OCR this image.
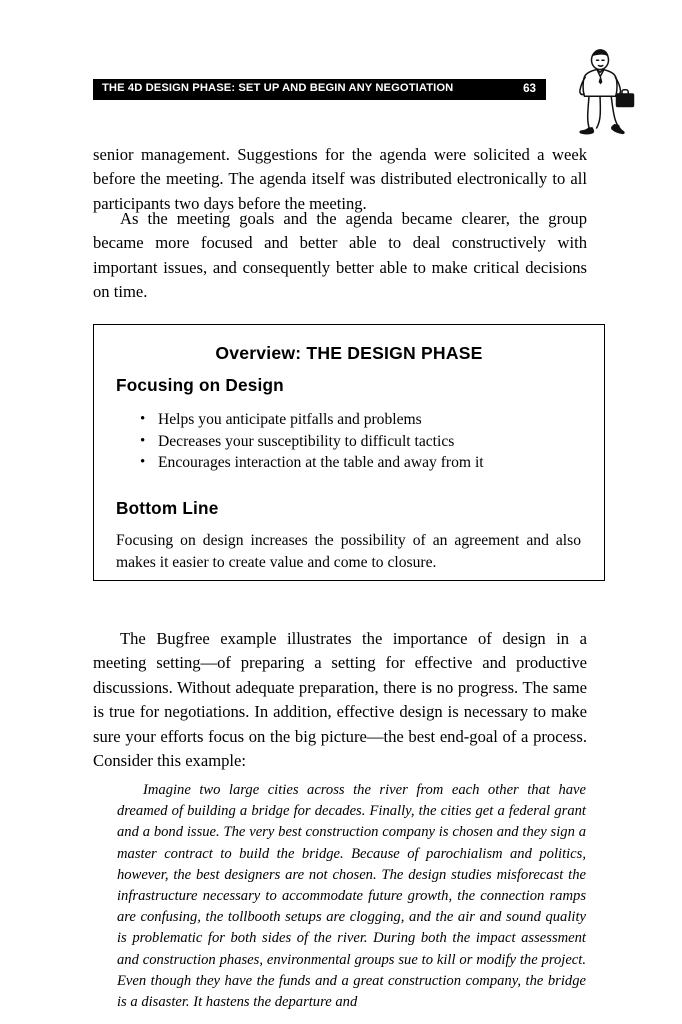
THE 4D DESIGN PHASE: SET UP AND BEGIN ANY NEGOTIATION	63

senior management. Suggestions for the agenda were solicited a week before the meeting. The agenda itself was distributed electronically to all participants two days before the meeting.

As the meeting goals and the agenda became clearer, the group became more focused and better able to deal constructively with important issues, and consequently better able to make critical decisions on time.

Overview: THE DESIGN PHASE
Focusing on Design
• Helps you anticipate pitfalls and problems
• Decreases your susceptibility to difficult tactics
• Encourages interaction at the table and away from it
Bottom Line

Focusing on design increases the possibility of an agreement and also makes it easier to create value and come to closure.

The Bugfree example illustrates the importance of design in a meeting setting—of preparing a setting for effective and productive discussions. Without adequate preparation, there is no progress. The same is true for negotiations. In addition, effective design is necessary to make sure your efforts focus on the big picture—the best end-goal of a process. Consider this example:

Imagine two large cities across the river from each other that have dreamed of building a bridge for decades. Finally, the cities get a federal grant and a bond issue. The very best construction company is chosen and they sign a master contract to build the bridge. Because of parochialism and politics, however, the best designers are not chosen. The design studies misforecast the infrastructure necessary to accommodate future growth, the connection ramps are confusing, the tollbooth setups are clogging, and the air and sound quality is problematic for both sides of the river. During both the impact assessment and construction phases, environmental groups sue to kill or modify the project. Even though they have the funds and a great construction company, the bridge is a disaster. It hastens the departure and
